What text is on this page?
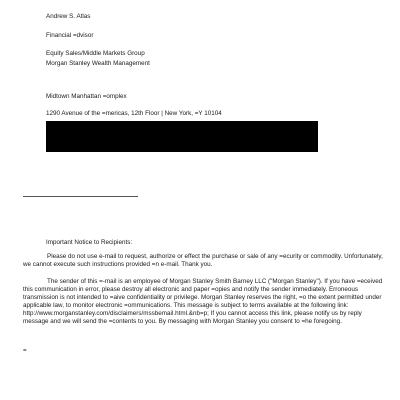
Andrew S. Atlas
Financial =dvisor
Equity Sales/Middle Markets Group
Morgan Stanley Wealth Management
Midtown Manhattan =omplex
1290 Avenue of the =mericas, 12th Floor | New York, =Y 10104
Important Notice to Recipients:
Please do not use e-mail to request, authorize or effect the purchase or sale of any =ecurity or commodity. Unfortunately, we cannot execute such instructions provided =n e-mail. Thank you.
The sender of this =-mail is an employee of Morgan Stanley Smith Barney LLC ("Morgan Stanley"). If you have =eceived this communication in error, please destroy all electronic and paper =opies and notify the sender immediately. Erroneous transmission is not intended to =aive confidentiality or privilege. Morgan Stanley reserves the right, =o the extent permitted under applicable law, to monitor electronic =ommunications. This message is subject to terms available at the following link: http://www.morganstanley.com/disclaimers/mssbemail.html.&nb=p; If you cannot access this link, please notify us by reply message and we will send the =contents to you. By messaging with Morgan Stanley you consent to =he foregoing.
=
